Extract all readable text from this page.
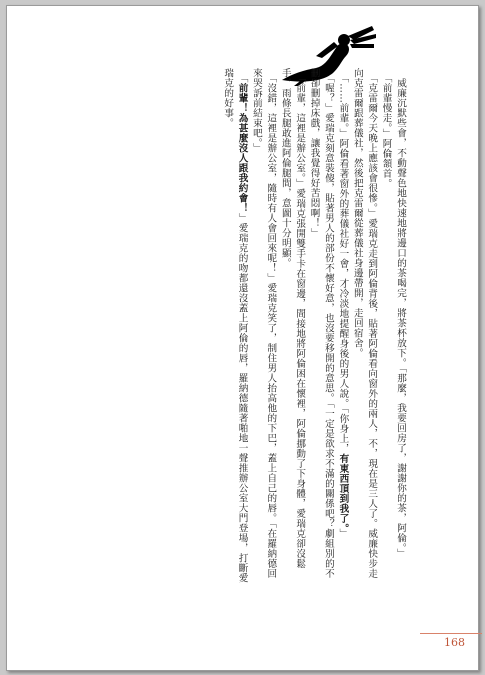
　威廉沉默些會，不動聲色地快速地將邊口的茶喝完，將茶杯放下。「那麼，我要回房了，謝謝你的茶，阿倫。」

　「前輩慢走。」阿倫頷首。

　「克雷爾今天晚上應該會很慘。」愛瑞克走到阿倫背後，貼著阿倫看向窗外的兩人，不，現在是三人了。威廉快步走向克雷爾跟葬儀社，然後把克雷爾從葬儀社身邊帶開，走回宿舍。

　「……前輩。」阿倫看著窗外的葬儀社好一會，才冷淡地提醒身後的男人說。「你身上，有東西頂到我了。」

　「喔？」愛瑞克刻意裝傻，貼著男人的部份不懷好意，也沒要移開的意思。「一定是欲求不滿的關係吧？劇組別的不刪卻刪掉床戲，讓我覺得好苦悶啊！」

　「前輩，這裡是辦公室。」愛瑞克張開雙手卡在窗邊，間接地將阿倫困在懷裡，阿倫挪動了下身體，愛瑞克卻沒鬆手，雨條長腿敢進阿倫腿間，意圖十分明顯。

　「沒錯，這裡是辦公室，隨時有人會回來呢！」愛瑞克笑了，制住男人抬高他的下巴，蓋上自己的唇。「在羅納德回來哭訴前結束吧。」

　「前輩！為甚麼沒人跟我約會！」愛瑞克的吻都還沒蓋上阿倫的唇，羅納德隨著啪地一聲推辦公室大門登場，打斷愛瑞克的好事。

168
